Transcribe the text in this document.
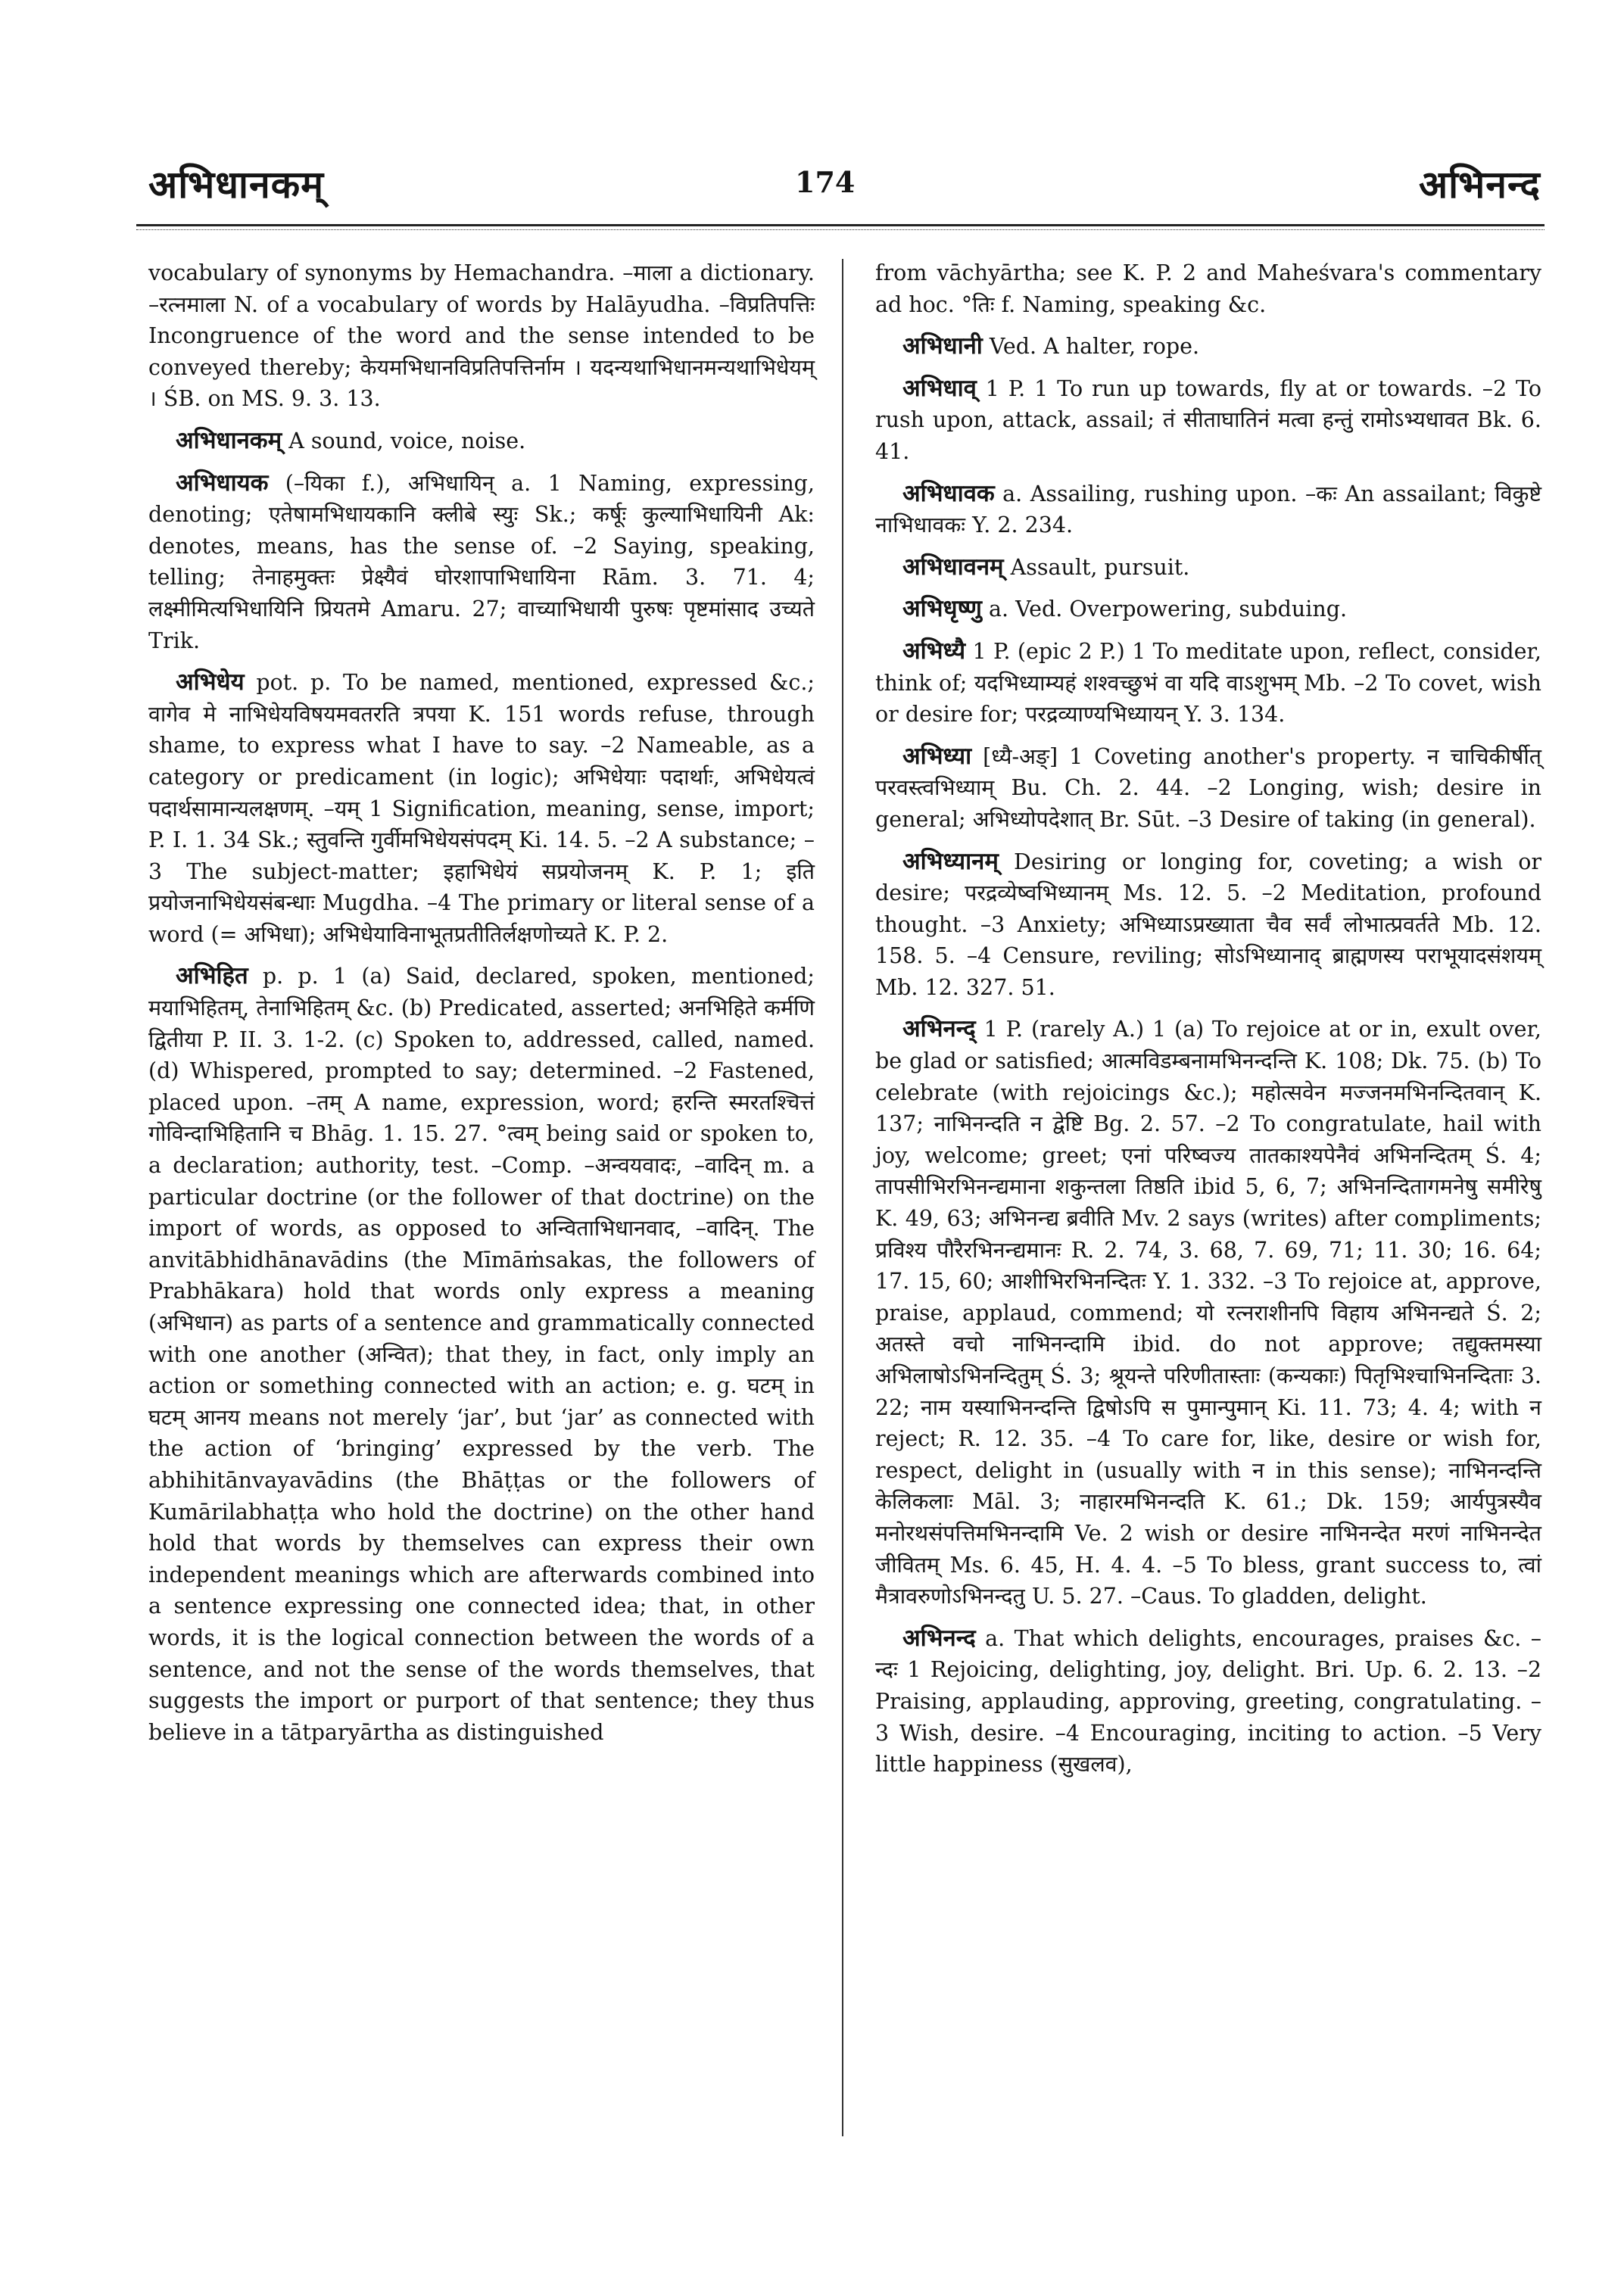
अभिधानकम्	174	अभिनन्द

vocabulary of synonyms by Hemachandra. –माला a dictionary. –रत्नमाला N. of a vocabulary of words by Halāyudha. –विप्रतिपत्तिः Incongruence of the word and the sense intended to be conveyed thereby; केयमभिधानविप्रतिपत्तिर्नाम । यदन्यथाभिधानमन्यथाभिधेयम् । ŚB. on MS. 9. 3. 13.

अभिधानकम् A sound, voice, noise.

अभिधायक (–यिका f.), अभिधायिन् a. 1 Naming, expressing, denoting; एतेषामभिधायकानि क्लीबे स्युः Sk.; कर्षूः कुल्याभिधायिनी Ak: denotes, means, has the sense of. –2 Saying, speaking, telling; तेनाहमुक्तः प्रेक्ष्यैवं घोरशापाभिधायिना Rām. 3. 71. 4; लक्ष्मीमित्यभिधायिनि प्रियतमे Amaru. 27; वाच्याभिधायी पुरुषः पृष्टमांसाद उच्यते Trik.

अभिधेय pot. p. To be named, mentioned, expressed &c.; वागेव मे नाभिधेयविषयमवतरति त्रपया K. 151 words refuse, through shame, to express what I have to say. –2 Nameable, as a category or predicament (in logic); अभिधेयाः पदार्थाः, अभिधेयत्वं पदार्थसामान्यलक्षणम्. –यम् 1 Signification, meaning, sense, import; P. I. 1. 34 Sk.; स्तुवन्ति गुर्वीमभिधेयसंपदम् Ki. 14. 5. –2 A substance; –3 The subject-matter; इहाभिधेयं सप्रयोजनम् K. P. 1; इति प्रयोजनाभिधेयसंबन्धाः Mugdha. –4 The primary or literal sense of a word (= अभिधा); अभिधेयाविनाभूतप्रतीतिर्लक्षणोच्यते K. P. 2.

अभिहित p. p. 1 (a) Said, declared, spoken, mentioned; मयाभिहितम्, तेनाभिहितम् &c. (b) Predicated, asserted; अनभिहिते कर्मणि द्वितीया P. II. 3. 1-2. (c) Spoken to, addressed, called, named. (d) Whispered, prompted to say; determined. –2 Fastened, placed upon. –तम् A name, expression, word; हरन्ति स्मरतश्चित्तं गोविन्दाभिहितानि च Bhāg. 1. 15. 27. °त्वम् being said or spoken to, a declaration; authority, test. –Comp. –अन्वयवादः, –वादिन् m. a particular doctrine (or the follower of that doctrine) on the import of words, as opposed to अन्विताभिधानवाद, –वादिन्. The anvitābhidhānavādins (the Mīmāṁsakas, the followers of Prabhākara) hold that words only express a meaning (अभिधान) as parts of a sentence and grammatically connected with one another (अन्वित); that they, in fact, only imply an action or something connected with an action; e. g. घटम् in घटम् आनय means not merely ‘jar’, but ‘jar’ as connected with the action of ‘bringing’ expressed by the verb. The abhihitānvayavādins (the Bhāṭṭas or the followers of Kumārilabhaṭṭa who hold the doctrine) on the other hand hold that words by themselves can express their own independent meanings which are afterwards combined into a sentence expressing one connected idea; that, in other words, it is the logical connection between the words of a sentence, and not the sense of the words themselves, that suggests the import or purport of that sentence; they thus believe in a tātparyārtha as distinguished

from vāchyārtha; see K. P. 2 and Maheśvara's commentary ad hoc. °तिः f. Naming, speaking &c.

अभिधानी Ved. A halter, rope.

अभिधाव् 1 P. 1 To run up towards, fly at or towards. –2 To rush upon, attack, assail; तं सीताघातिनं मत्वा हन्तुं रामोऽभ्यधावत Bk. 6. 41.

अभिधावक a. Assailing, rushing upon. –कः An assailant; विकुष्टे नाभिधावकः Y. 2. 234.

अभिधावनम् Assault, pursuit.

अभिधृष्णु a. Ved. Overpowering, subduing.

अभिध्यै 1 P. (epic 2 P.) 1 To meditate upon, reflect, consider, think of; यदभिध्याम्यहं शश्वच्छुभं वा यदि वाऽशुभम् Mb. –2 To covet, wish or desire for; परद्रव्याण्यभिध्यायन् Y. 3. 134.

अभिध्या [ध्यै-अङ्] 1 Coveting another's property. न चाचिकीर्षीत् परवस्त्वभिध्याम् Bu. Ch. 2. 44. –2 Longing, wish; desire in general; अभिध्योपदेशात् Br. Sūt. –3 Desire of taking (in general).

अभिध्यानम् Desiring or longing for, coveting; a wish or desire; परद्रव्येष्वभिध्यानम् Ms. 12. 5. –2 Meditation, profound thought. –3 Anxiety; अभिध्याऽप्रख्याता चैव सर्वं लोभात्प्रवर्तते Mb. 12. 158. 5. –4 Censure, reviling; सोऽभिध्यानाद् ब्राह्मणस्य पराभूयादसंशयम् Mb. 12. 327. 51.

अभिनन्द् 1 P. (rarely A.) 1 (a) To rejoice at or in, exult over, be glad or satisfied; आत्मविडम्बनामभिनन्दन्ति K. 108; Dk. 75. (b) To celebrate (with rejoicings &c.); महोत्सवेन मज्जनमभिनन्दितवान् K. 137; नाभिनन्दति न द्वेष्टि Bg. 2. 57. –2 To congratulate, hail with joy, welcome; greet; एनां परिष्वज्य तातकाश्यपेनैवं अभिनन्दितम् Ś. 4; तापसीभिरभिनन्द्यमाना शकुन्तला तिष्ठति ibid 5, 6, 7; अभिनन्दितागमनेषु समीरेषु K. 49, 63; अभिनन्द्य ब्रवीति Mv. 2 says (writes) after compliments; प्रविश्य पौरैरभिनन्द्यमानः R. 2. 74, 3. 68, 7. 69, 71; 11. 30; 16. 64; 17. 15, 60; आशीभिरभिनन्दितः Y. 1. 332. –3 To rejoice at, approve, praise, applaud, commend; यो रत्नराशीनपि विहाय अभिनन्द्यते Ś. 2; अतस्ते वचो नाभिनन्दामि ibid. do not approve; तद्युक्तमस्या अभिलाषोऽभिनन्दितुम् Ś. 3; श्रूयन्ते परिणीतास्ताः (कन्यकाः) पितृभिश्चाभिनन्दिताः 3. 22; नाम यस्याभिनन्दन्ति द्विषोऽपि स पुमान्पुमान् Ki. 11. 73; 4. 4; with न reject; R. 12. 35. –4 To care for, like, desire or wish for, respect, delight in (usually with न in this sense); नाभिनन्दन्ति केलिकलाः Māl. 3; नाहारमभिनन्दति K. 61.; Dk. 159; आर्यपुत्रस्यैव मनोरथसंपत्तिमभिनन्दामि Ve. 2 wish or desire नाभिनन्देत मरणं नाभिनन्देत जीवितम् Ms. 6. 45, H. 4. 4. –5 To bless, grant success to, त्वां मैत्रावरुणोऽभिनन्दतु U. 5. 27. –Caus. To gladden, delight.

अभिनन्द a. That which delights, encourages, praises &c. –न्दः 1 Rejoicing, delighting, joy, delight. Bri. Up. 6. 2. 13. –2 Praising, applauding, approving, greeting, congratulating. –3 Wish, desire. –4 Encouraging, inciting to action. –5 Very little happiness (सुखलव),
